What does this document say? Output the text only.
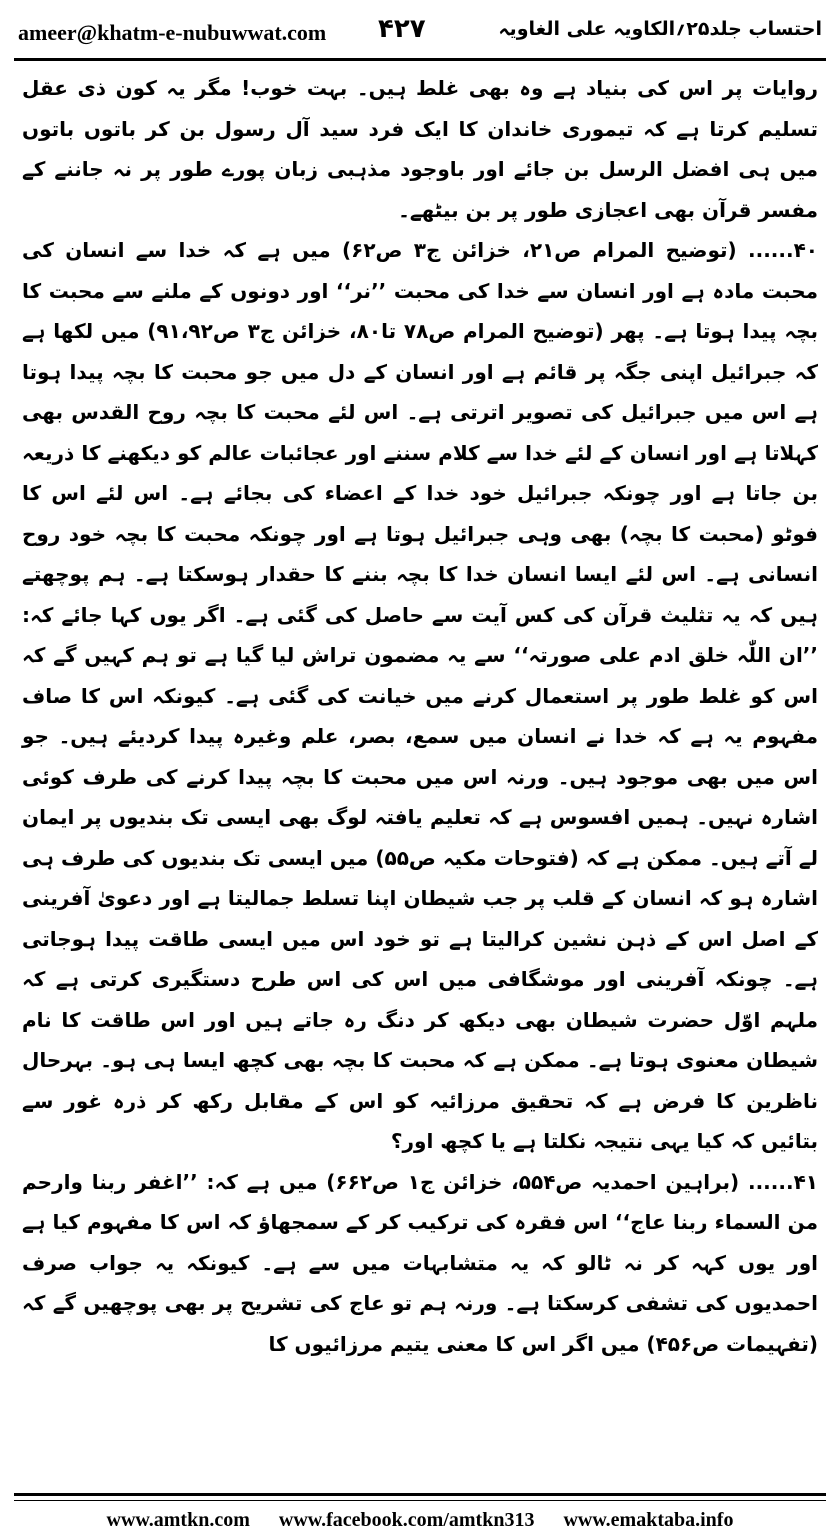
ameer@khatm-e-nubuwwat.com ۴۲۷	احتساب جلد۲۵؍الکاویہ علی الغاویہ

روایات پر اس کی بنیاد ہے وہ بھی غلط ہیں۔ بہت خوب! مگر یہ کون ذی عقل تسلیم کرتا ہے کہ تیموری خاندان کا ایک فرد سید آل رسول بن کر باتوں باتوں میں ہی افضل الرسل بن جائے اور باوجود مذہبی زبان پورے طور پر نہ جاننے کے مفسر قرآن بھی اعجازی طور پر بن بیٹھے۔

۴۰...... (توضیح المرام ص۲۱، خزائن ج۳ ص۶۲) میں ہے کہ خدا سے انسان کی محبت مادہ ہے اور انسان سے خدا کی محبت ’’نر‘‘ اور دونوں کے ملنے سے محبت کا بچہ پیدا ہوتا ہے۔ پھر (توضیح المرام ص۷۸ تا۸۰، خزائن ج۳ ص۹۱،۹۲) میں لکھا ہے کہ جبرائیل اپنی جگہ پر قائم ہے اور انسان کے دل میں جو محبت کا بچہ پیدا ہوتا ہے اس میں جبرائیل کی تصویر اترتی ہے۔ اس لئے محبت کا بچہ روح القدس بھی کہلاتا ہے اور انسان کے لئے خدا سے کلام سننے اور عجائبات عالم کو دیکھنے کا ذریعہ بن جاتا ہے اور چونکہ جبرائیل خود خدا کے اعضاء کی بجائے ہے۔ اس لئے اس کا فوٹو (محبت کا بچہ) بھی وہی جبرائیل ہوتا ہے اور چونکہ محبت کا بچہ خود روح انسانی ہے۔ اس لئے ایسا انسان خدا کا بچہ بننے کا حقدار ہوسکتا ہے۔ ہم پوچھتے ہیں کہ یہ تثلیث قرآن کی کس آیت سے حاصل کی گئی ہے۔ اگر یوں کہا جائے کہ: ’’ان اللّٰہ خلق ادم علی صورتہ‘‘ سے یہ مضمون تراش لیا گیا ہے تو ہم کہیں گے کہ اس کو غلط طور پر استعمال کرنے میں خیانت کی گئی ہے۔ کیونکہ اس کا صاف مفہوم یہ ہے کہ خدا نے انسان میں سمع، بصر، علم وغیرہ پیدا کردیئے ہیں۔ جو اس میں بھی موجود ہیں۔ ورنہ اس میں محبت کا بچہ پیدا کرنے کی طرف کوئی اشارہ نہیں۔ ہمیں افسوس ہے کہ تعلیم یافتہ لوگ بھی ایسی تک بندیوں پر ایمان لے آتے ہیں۔ ممکن ہے کہ (فتوحات مکیہ ص۵۵) میں ایسی تک بندیوں کی طرف ہی اشارہ ہو کہ انسان کے قلب پر جب شیطان اپنا تسلط جمالیتا ہے اور دعویٰ آفرینی کے اصل اس کے ذہن نشین کرالیتا ہے تو خود اس میں ایسی طاقت پیدا ہوجاتی ہے۔ چونکہ آفرینی اور موشگافی میں اس کی اس طرح دستگیری کرتی ہے کہ ملہم اوّل حضرت شیطان بھی دیکھ کر دنگ رہ جاتے ہیں اور اس طاقت کا نام شیطان معنوی ہوتا ہے۔ ممکن ہے کہ محبت کا بچہ بھی کچھ ایسا ہی ہو۔ بہرحال ناظرین کا فرض ہے کہ تحقیق مرزائیہ کو اس کے مقابل رکھ کر ذرہ غور سے بتائیں کہ کیا یہی نتیجہ نکلتا ہے یا کچھ اور؟

۴۱...... (براہین احمدیہ ص۵۵۴، خزائن ج۱ ص۶۶۲) میں ہے کہ: ’’اغفر ربنا وارحم من السماء ربنا عاج‘‘ اس فقرہ کی ترکیب کر کے سمجھاؤ کہ اس کا مفہوم کیا ہے اور یوں کہہ کر نہ ٹالو کہ یہ متشابہات میں سے ہے۔ کیونکہ یہ جواب صرف احمدیوں کی تشفی کرسکتا ہے۔ ورنہ ہم تو عاج کی تشریح پر بھی پوچھیں گے کہ (تفہیمات ص۴۵۶) میں اگر اس کا معنی یتیم مرزائیوں کا

www.amtkn.com www.facebook.com/amtkn313 www.emaktaba.info
